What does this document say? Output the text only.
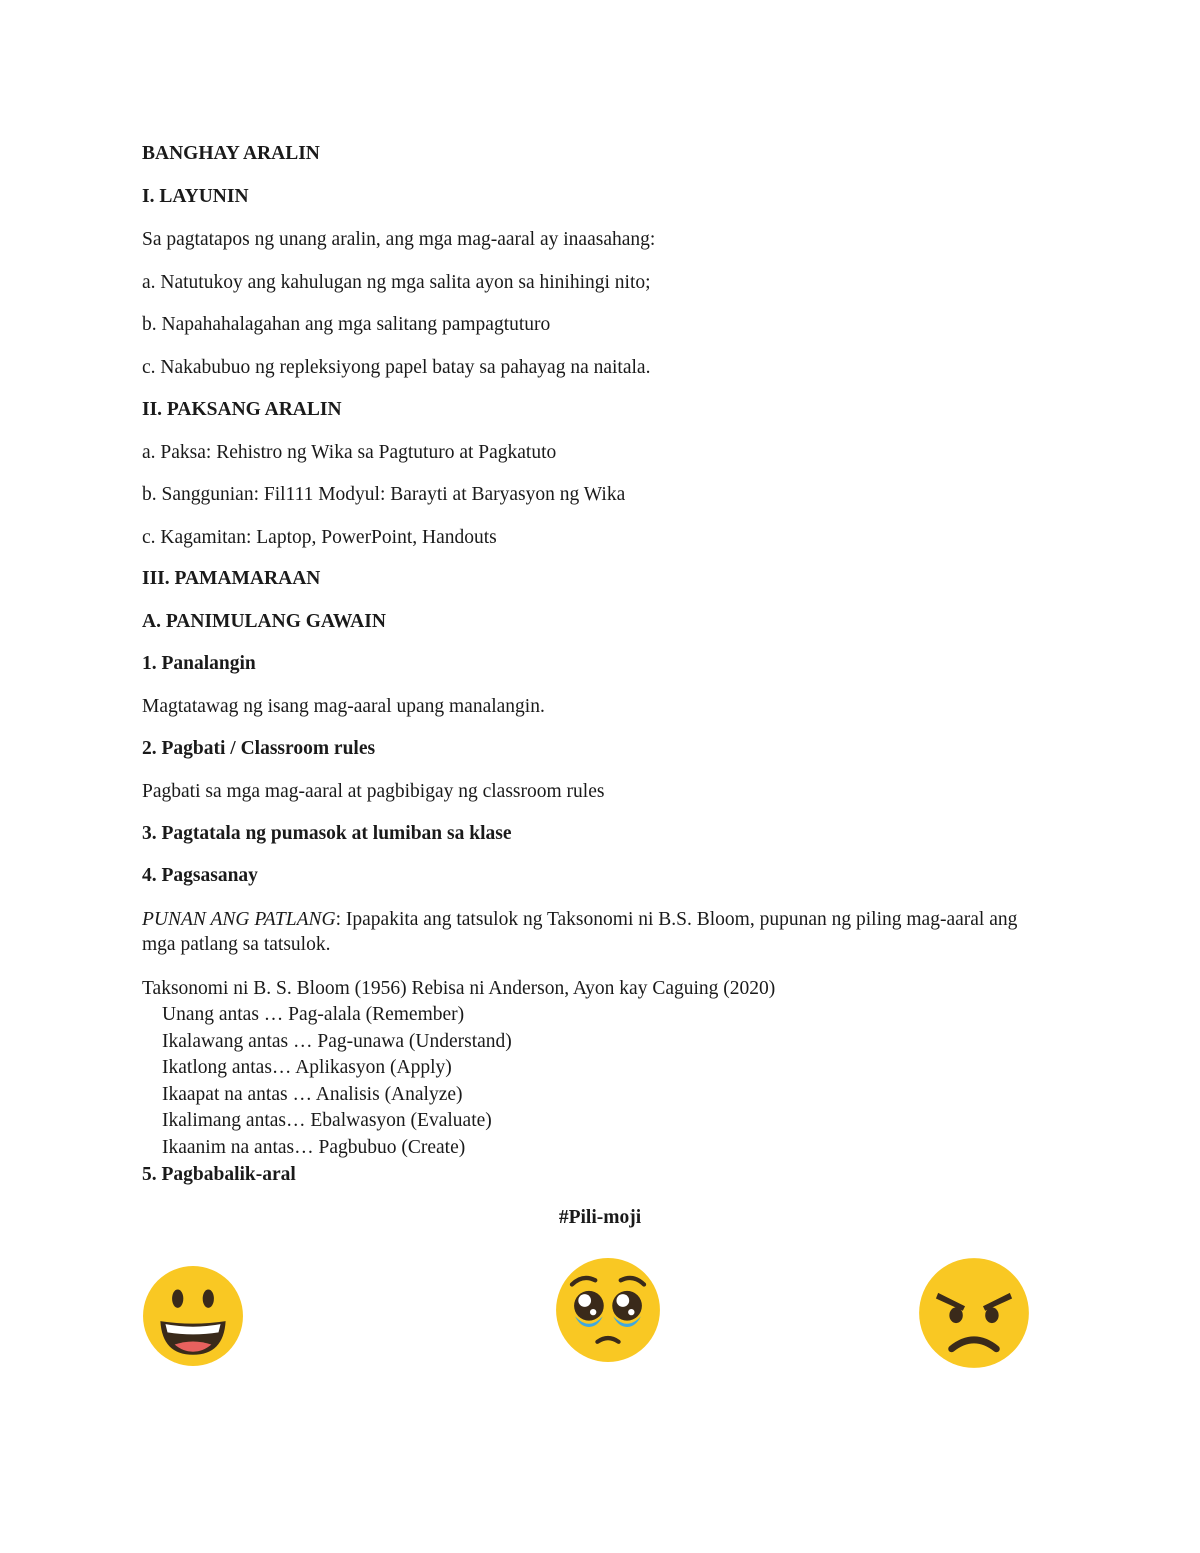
BANGHAY ARALIN

I. LAYUNIN

Sa pagtatapos ng unang aralin, ang mga mag-aaral ay inaasahang:

a. Natutukoy ang kahulugan ng mga salita ayon sa hinihingi nito;

b. Napahahalagahan ang mga salitang pampagtuturo

c. Nakabubuo ng repleksiyong papel batay sa pahayag na naitala.

II. PAKSANG ARALIN

a. Paksa: Rehistro ng Wika sa Pagtuturo at Pagkatuto

b. Sanggunian: Fil111 Modyul: Barayti at Baryasyon ng Wika

c. Kagamitan: Laptop, PowerPoint, Handouts

III. PAMAMARAAN

A. PANIMULANG GAWAIN

1. Panalangin

Magtatawag ng isang mag-aaral upang manalangin.

2. Pagbati / Classroom rules

Pagbati sa mga mag-aaral at pagbibigay ng classroom rules

3. Pagtatala ng pumasok at lumiban sa klase

4. Pagsasanay

PUNAN ANG PATLANG: Ipapakita ang tatsulok ng Taksonomi ni B.S. Bloom, pupunan ng piling mag-aaral ang mga patlang sa tatsulok.

Taksonomi ni B. S. Bloom (1956) Rebisa ni Anderson, Ayon kay Caguing (2020)

Unang antas … Pag-alala (Remember)

Ikalawang antas … Pag-unawa (Understand)

Ikatlong antas… Aplikasyon (Apply)

Ikaapat na antas … Analisis (Analyze)

Ikalimang antas… Ebalwasyon (Evaluate)

Ikaanim na antas… Pagbubuo (Create)

5. Pagbabalik-aral

#Pili-moji
